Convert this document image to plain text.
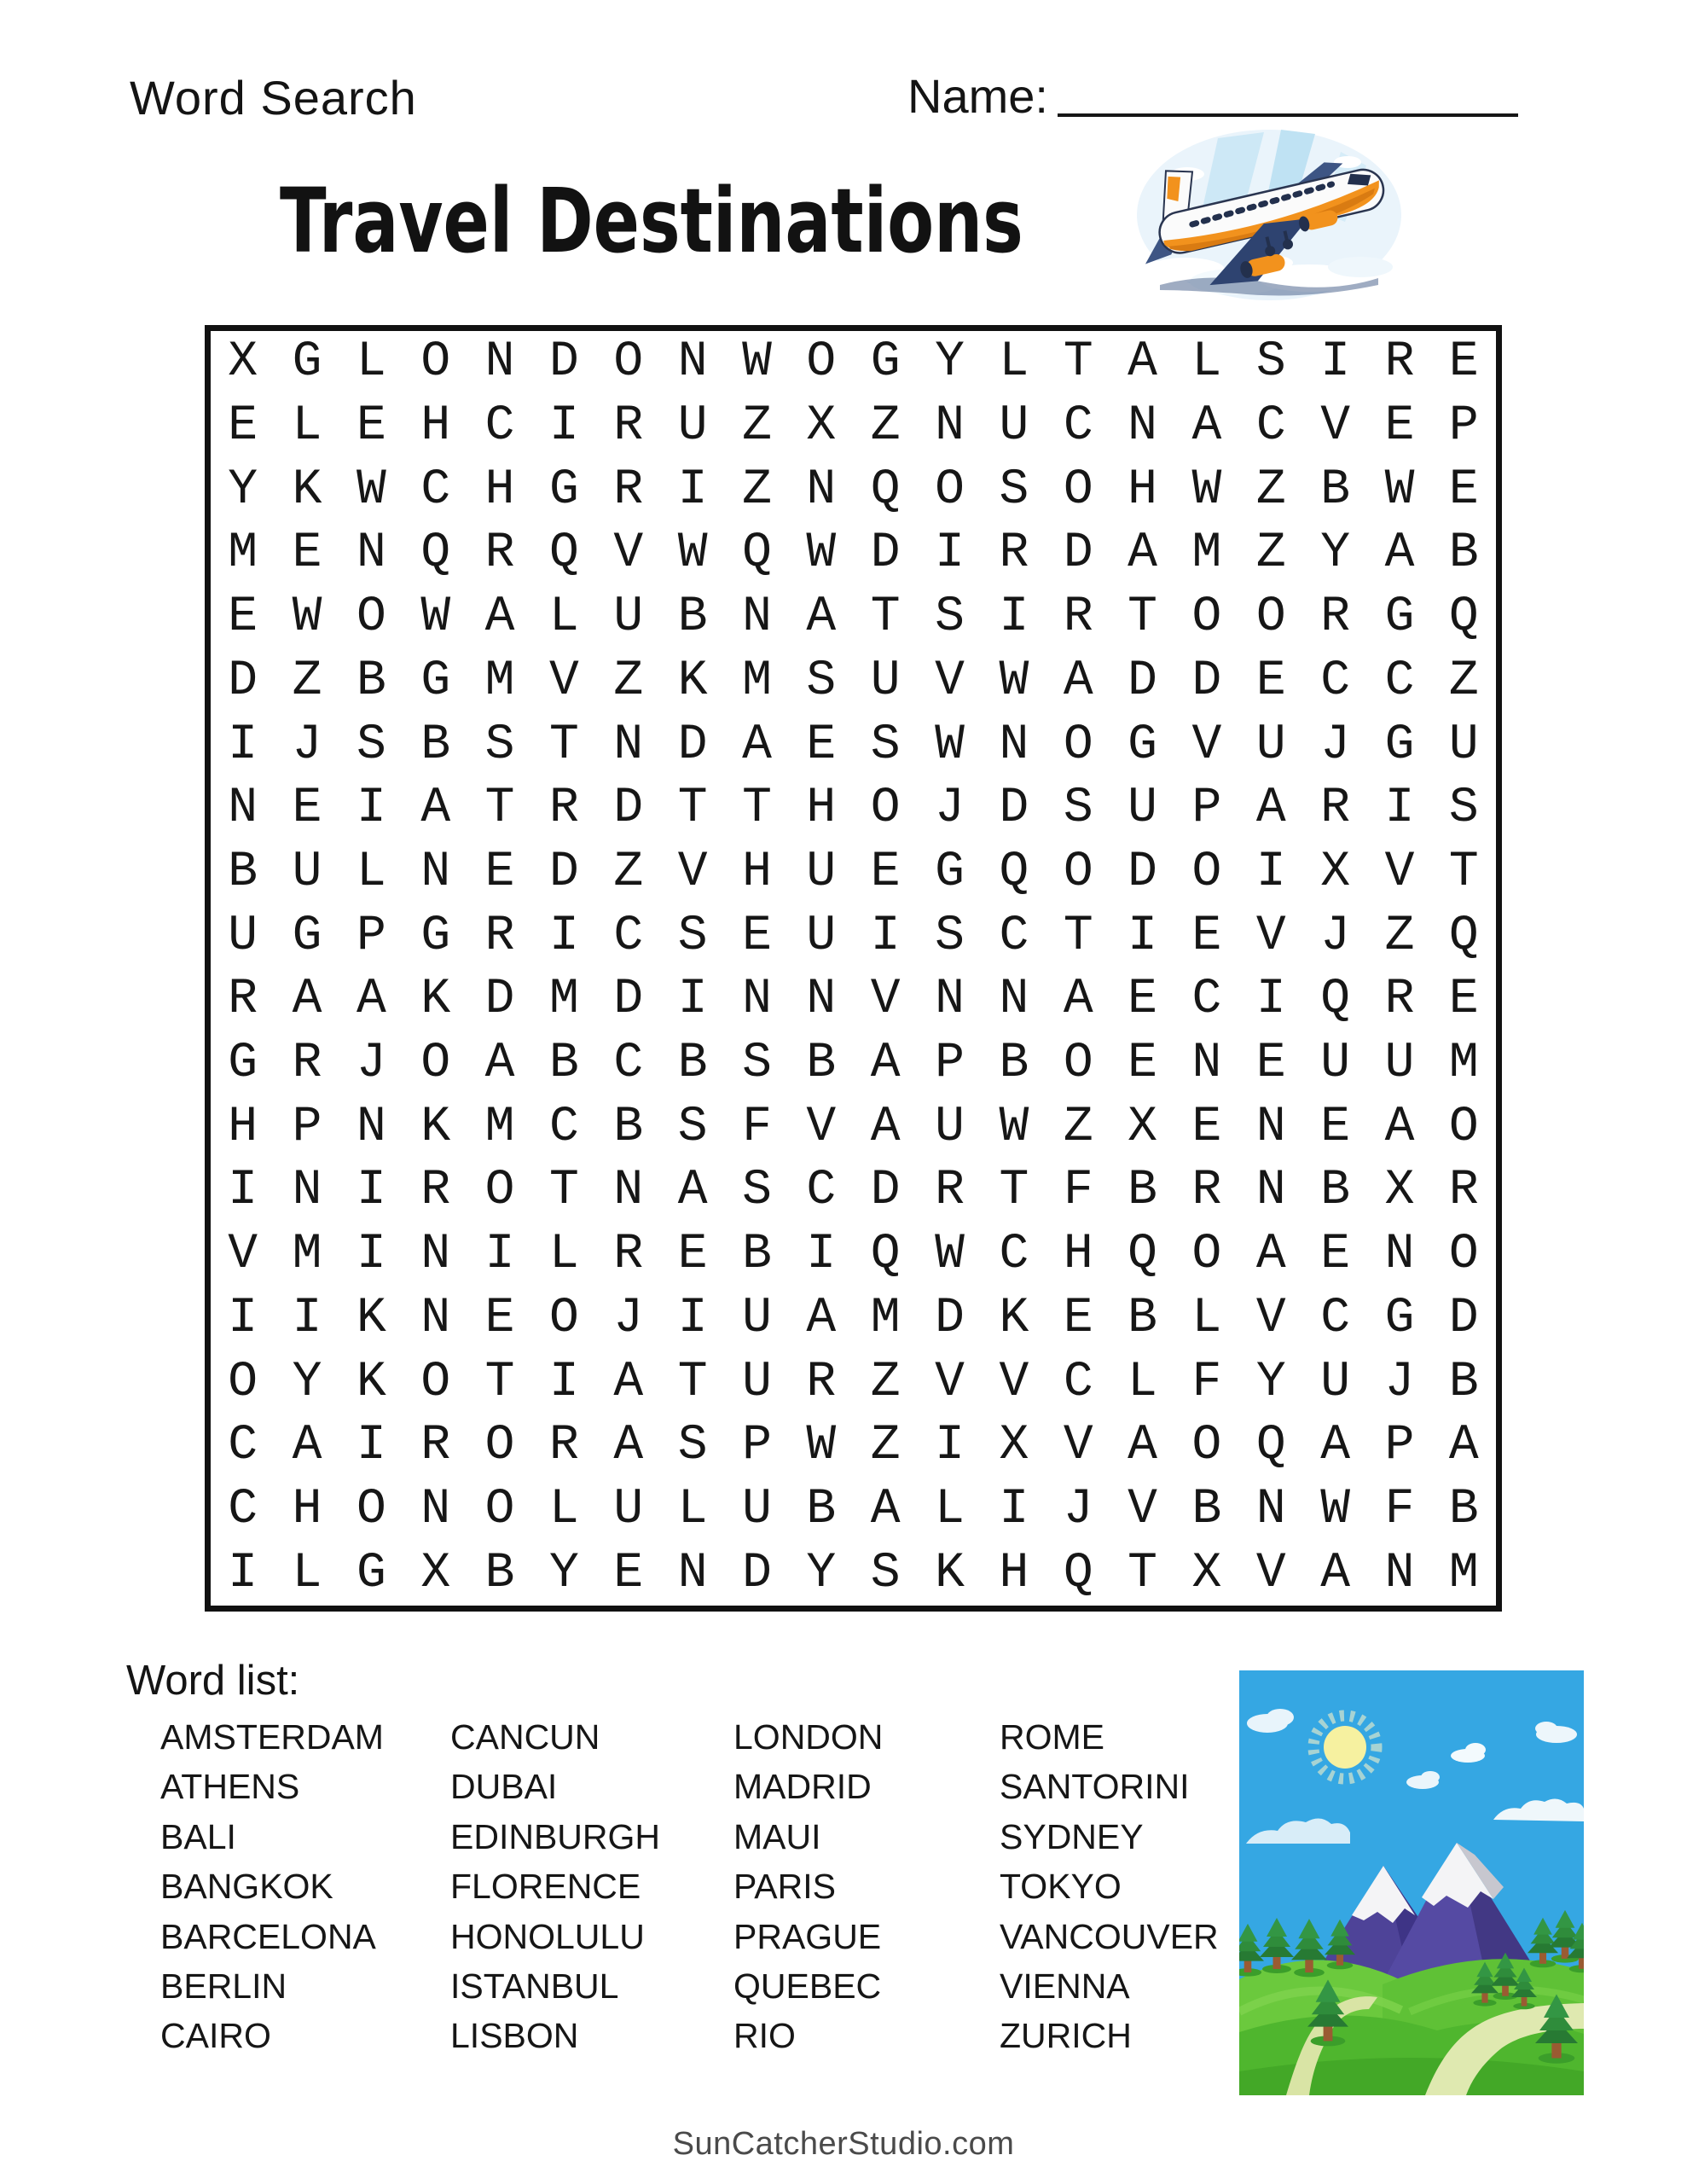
Word Search	Name:
Travel Destinations
X G L O N D O N W O G Y L T A L S I R E
E L E H C I R U Z X Z N U C N A C V E P
Y K W C H G R I Z N Q O S O H W Z B W E
M E N Q R Q V W Q W D I R D A M Z Y A B
E W O W A L U B N A T S I R T O O R G Q
D Z B G M V Z K M S U V W A D D E C C Z
I J S B S T N D A E S W N O G V U J G U
N E I A T R D T T H O J D S U P A R I S
B U L N E D Z V H U E G Q O D O I X V T
U G P G R I C S E U I S C T I E V J Z Q
R A A K D M D I N N V N N A E C I Q R E
G R J O A B C B S B A P B O E N E U U M
H P N K M C B S F V A U W Z X E N E A O
I N I R O T N A S C D R T F B R N B X R
V M I N I L R E B I Q W C H Q O A E N O
I I K N E O J I U A M D K E B L V C G D
O Y K O T I A T U R Z V V C L F Y U J B
C A I R O R A S P W Z I X V A O Q A P A
C H O N O L U L U B A L I J V B N W F B
I L G X B Y E N D Y S K H Q T X V A N M
Word list:
AMSTERDAM
ATHENS
BALI
BANGKOK
BARCELONA
BERLIN
CAIRO
CANCUN
DUBAI
EDINBURGH
FLORENCE
HONOLULU
ISTANBUL
LISBON
LONDON
MADRID
MAUI
PARIS
PRAGUE
QUEBEC
RIO
ROME
SANTORINI
SYDNEY
TOKYO
VANCOUVER
VIENNA
ZURICH
SunCatcherStudio.com
